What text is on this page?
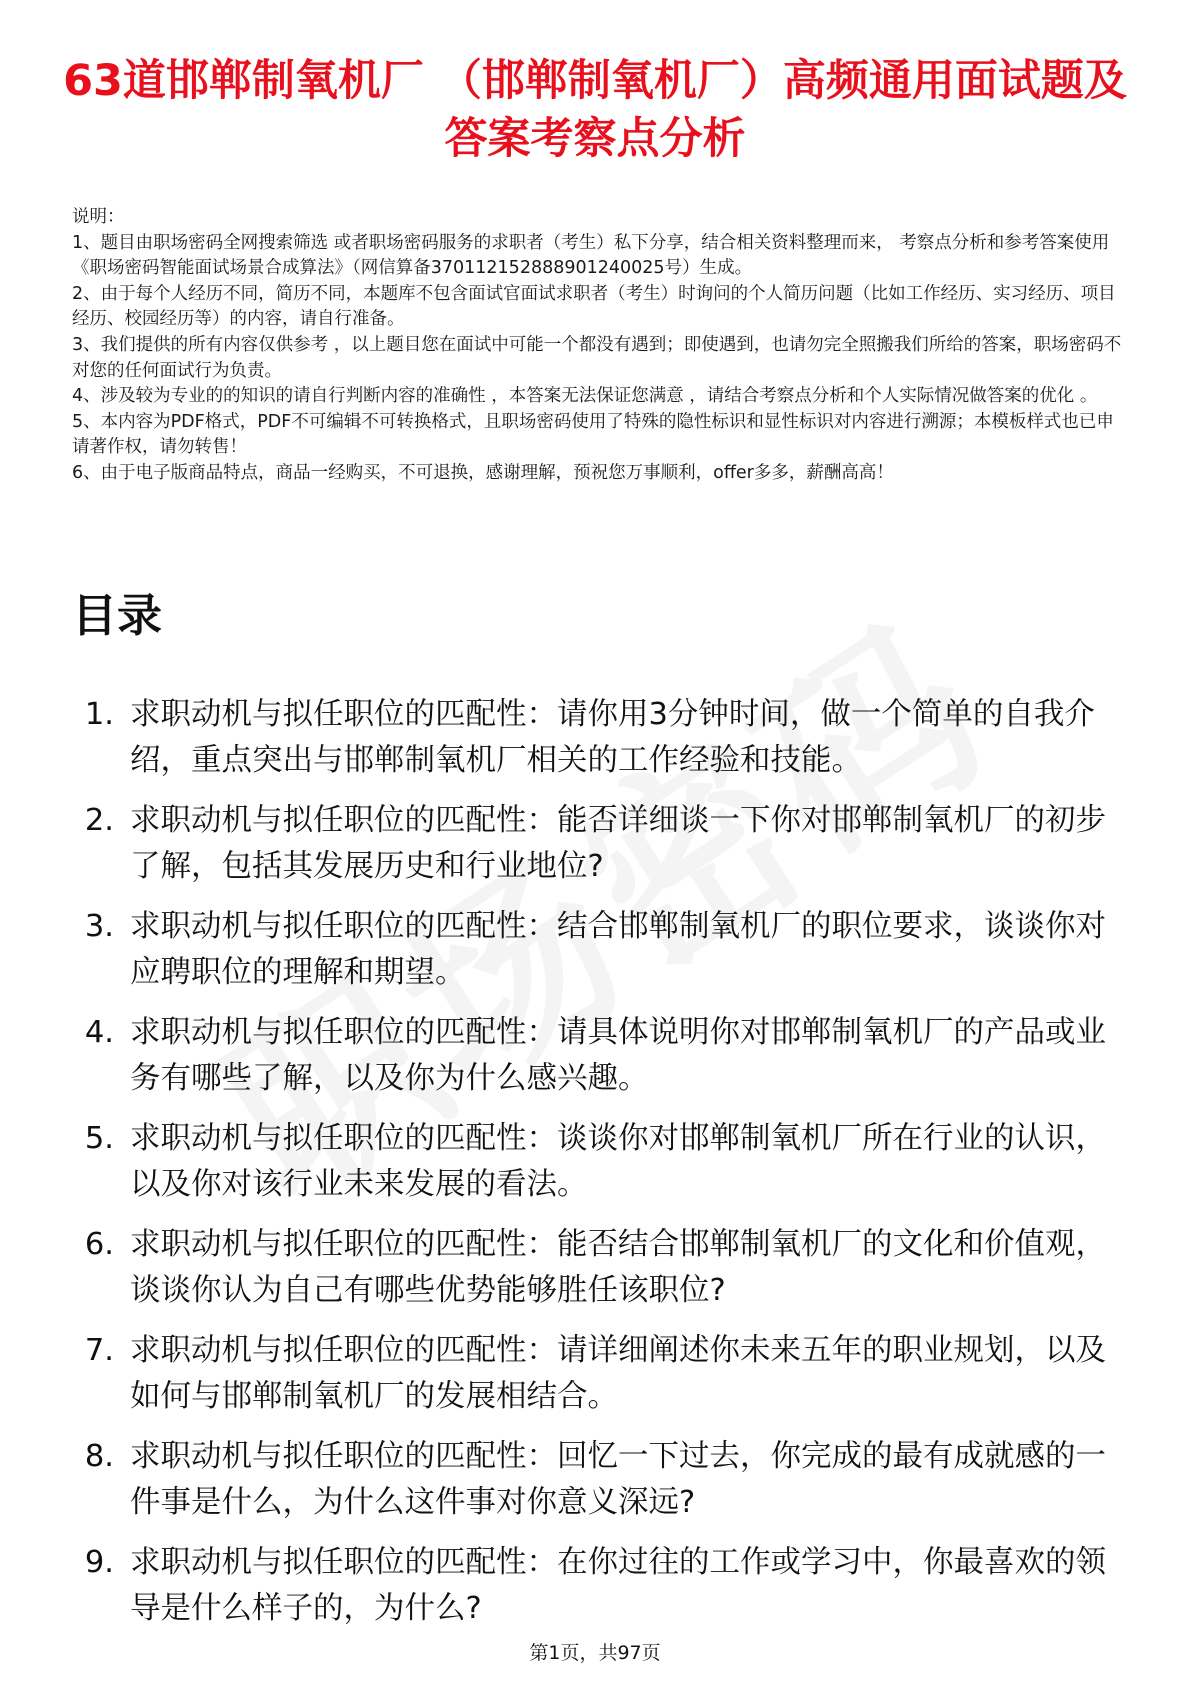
63道邯郸制氧机厂 （邯郸制氧机厂）高频通用面试题及答案考察点分析

说明：

1、题目由职场密码全网搜索筛选 或者职场密码服务的求职者（考生）私下分享，结合相关资料整理而来， 考察点分析和参考答案使用《职场密码智能面试场景合成算法》（网信算备370112152888901240025号）生成。

2、由于每个人经历不同，简历不同，本题库不包含面试官面试求职者（考生）时询问的个人简历问题（比如工作经历、实习经历、项目经历、校园经历等）的内容，请自行准备。

3、我们提供的所有内容仅供参考 ，以上题目您在面试中可能一个都没有遇到；即使遇到，也请勿完全照搬我们所给的答案，职场密码不对您的任何面试行为负责。

4、涉及较为专业的的知识的请自行判断内容的准确性 ，本答案无法保证您满意 ，请结合考察点分析和个人实际情况做答案的优化 。

5、本内容为PDF格式，PDF不可编辑不可转换格式，且职场密码使用了特殊的隐性标识和显性标识对内容进行溯源；本模板样式也已申请著作权，请勿转售！

6、由于电子版商品特点，商品一经购买，不可退换，感谢理解，预祝您万事顺利，offer多多，薪酬高高！

目录
1. 求职动机与拟任职位的匹配性：请你用3分钟时间，做一个简单的自我介绍，重点突出与邯郸制氧机厂相关的工作经验和技能。
2. 求职动机与拟任职位的匹配性：能否详细谈一下你对邯郸制氧机厂的初步了解，包括其发展历史和行业地位?
3. 求职动机与拟任职位的匹配性：结合邯郸制氧机厂的职位要求，谈谈你对应聘职位的理解和期望。
4. 求职动机与拟任职位的匹配性：请具体说明你对邯郸制氧机厂的产品或业务有哪些了解，以及你为什么感兴趣。
5. 求职动机与拟任职位的匹配性：谈谈你对邯郸制氧机厂所在行业的认识，以及你对该行业未来发展的看法。
6. 求职动机与拟任职位的匹配性：能否结合邯郸制氧机厂的文化和价值观，谈谈你认为自己有哪些优势能够胜任该职位?
7. 求职动机与拟任职位的匹配性：请详细阐述你未来五年的职业规划，以及如何与邯郸制氧机厂的发展相结合。
8. 求职动机与拟任职位的匹配性：回忆一下过去，你完成的最有成就感的一件事是什么，为什么这件事对你意义深远?
9. 求职动机与拟任职位的匹配性：在你过往的工作或学习中，你最喜欢的领导是什么样子的，为什么?
第1页，共97页
